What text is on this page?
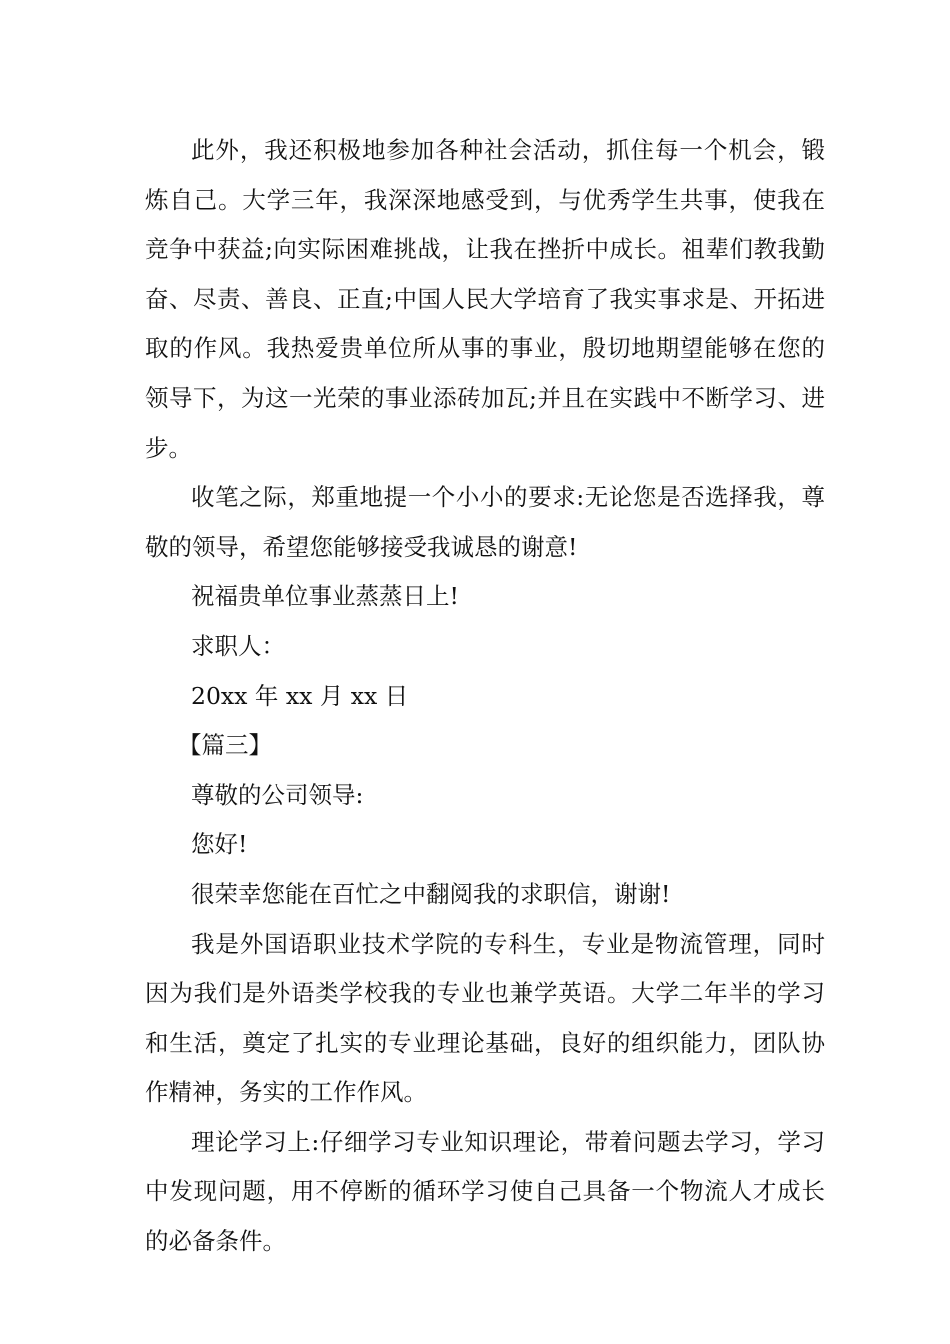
此外，我还积极地参加各种社会活动，抓住每一个机会，锻炼自己。大学三年，我深深地感受到，与优秀学生共事，使我在竞争中获益;向实际困难挑战，让我在挫折中成长。祖辈们教我勤奋、尽责、善良、正直;中国人民大学培育了我实事求是、开拓进取的作风。我热爱贵单位所从事的事业，殷切地期望能够在您的领导下，为这一光荣的事业添砖加瓦;并且在实践中不断学习、进步。

收笔之际，郑重地提一个小小的要求:无论您是否选择我，尊敬的领导，希望您能够接受我诚恳的谢意!

祝福贵单位事业蒸蒸日上!

求职人：

20xx 年 xx 月 xx 日

【篇三】

尊敬的公司领导:

您好!

很荣幸您能在百忙之中翻阅我的求职信，谢谢!

我是外国语职业技术学院的专科生，专业是物流管理，同时因为我们是外语类学校我的专业也兼学英语。大学二年半的学习和生活，奠定了扎实的专业理论基础，良好的组织能力，团队协作精神，务实的工作作风。

理论学习上:仔细学习专业知识理论，带着问题去学习，学习中发现问题，用不停断的循环学习使自己具备一个物流人才成长的必备条件。
